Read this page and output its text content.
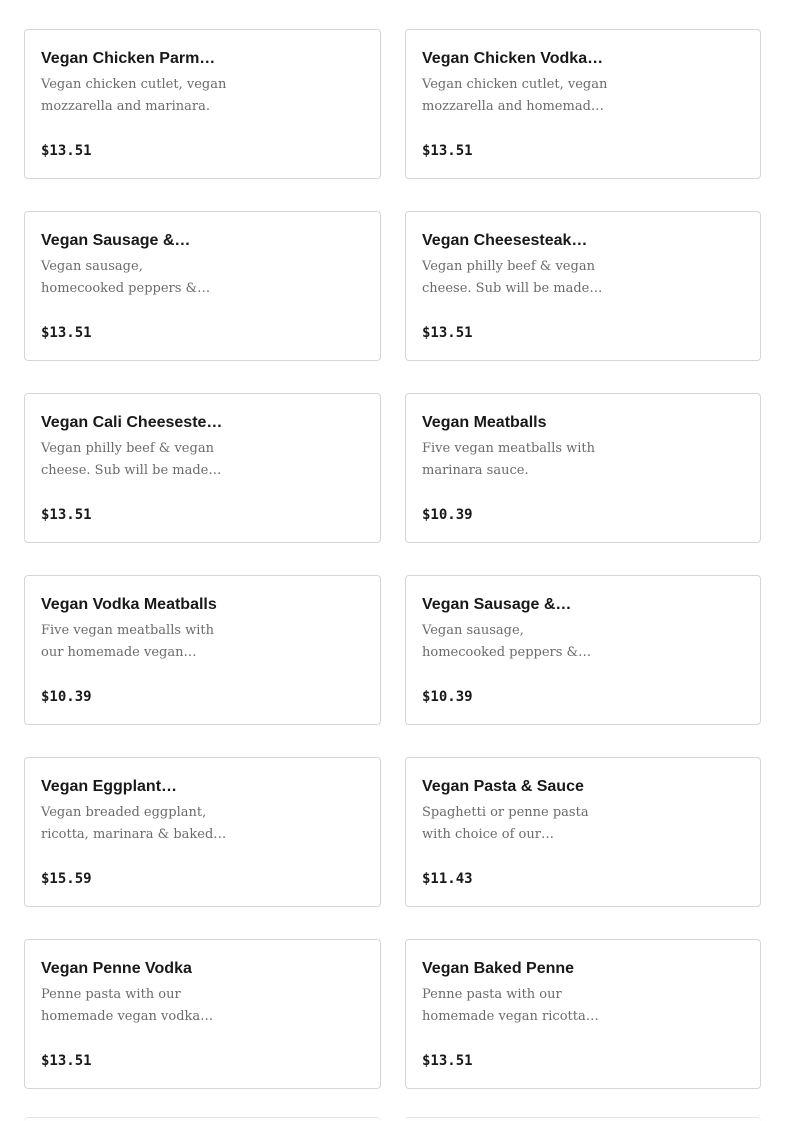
Vegan Chicken Parm…
Vegan chicken cutlet, vegan
mozzarella and marinara.
$13.51
Vegan Chicken Vodka…
Vegan chicken cutlet, vegan
mozzarella and homemad…
$13.51
Vegan Sausage &…
Vegan sausage,
homecooked peppers &…
$13.51
Vegan Cheesesteak…
Vegan philly beef & vegan
cheese. Sub will be made…
$13.51
Vegan Cali Cheeseste…
Vegan philly beef & vegan
cheese. Sub will be made…
$13.51
Vegan Meatballs
Five vegan meatballs with
marinara sauce.
$10.39
Vegan Vodka Meatballs
Five vegan meatballs with
our homemade vegan…
$10.39
Vegan Sausage &…
Vegan sausage,
homecooked peppers &…
$10.39
Vegan Eggplant…
Vegan breaded eggplant,
ricotta, marinara & baked…
$15.59
Vegan Pasta & Sauce
Spaghetti or penne pasta
with choice of our…
$11.43
Vegan Penne Vodka
Penne pasta with our
homemade vegan vodka…
$13.51
Vegan Baked Penne
Penne pasta with our
homemade vegan ricotta…
$13.51
